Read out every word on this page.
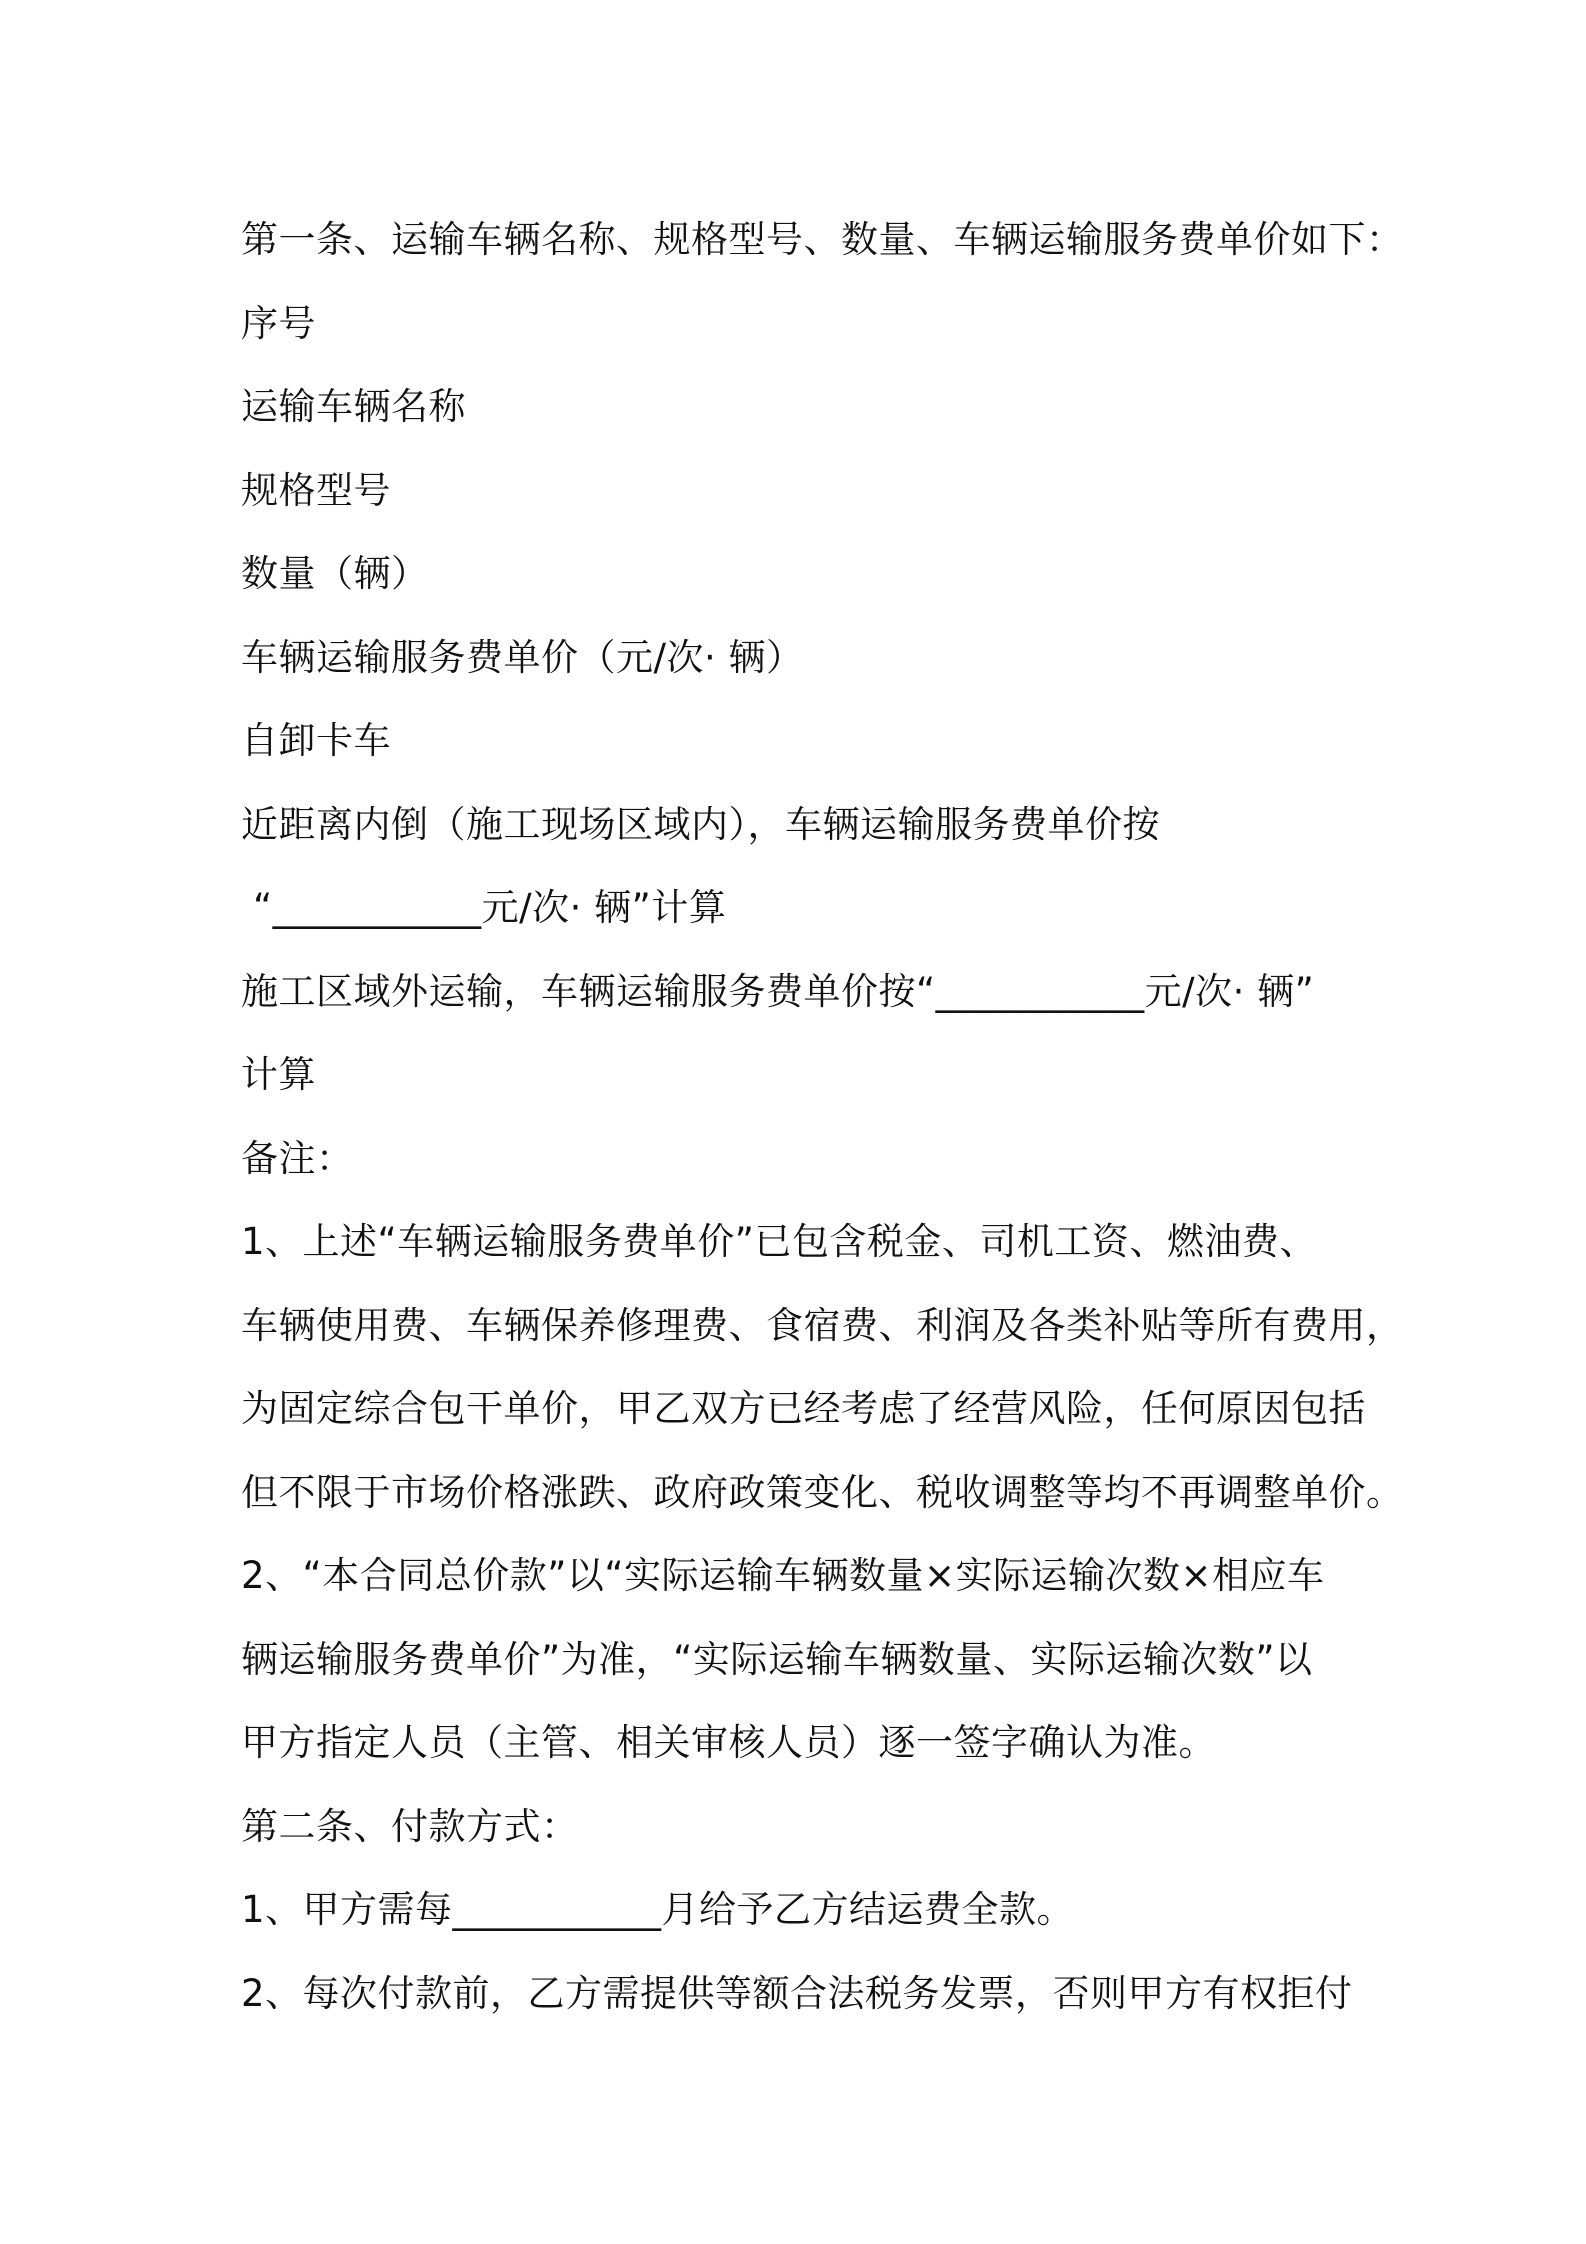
第一条、运输车辆名称、规格型号、数量、车辆运输服务费单价如下：
序号
运输车辆名称
规格型号
数量（辆）
车辆运输服务费单价（元/次· 辆）
自卸卡车
近距离内倒（施工现场区域内），车辆运输服务费单价按
“___________元/次· 辆”计算
施工区域外运输，车辆运输服务费单价按“___________元/次· 辆”
计算
备注：
1、上述“车辆运输服务费单价”已包含税金、司机工资、燃油费、
车辆使用费、车辆保养修理费、食宿费、利润及各类补贴等所有费用，
为固定综合包干单价，甲乙双方已经考虑了经营风险，任何原因包括
但不限于市场价格涨跌、政府政策变化、税收调整等均不再调整单价。
2、“本合同总价款”以“实际运输车辆数量×实际运输次数×相应车
辆运输服务费单价”为准，“实际运输车辆数量、实际运输次数”以
甲方指定人员（主管、相关审核人员）逐一签字确认为准。
第二条、付款方式：
1、甲方需每___________月给予乙方结运费全款。
2、每次付款前，乙方需提供等额合法税务发票，否则甲方有权拒付
